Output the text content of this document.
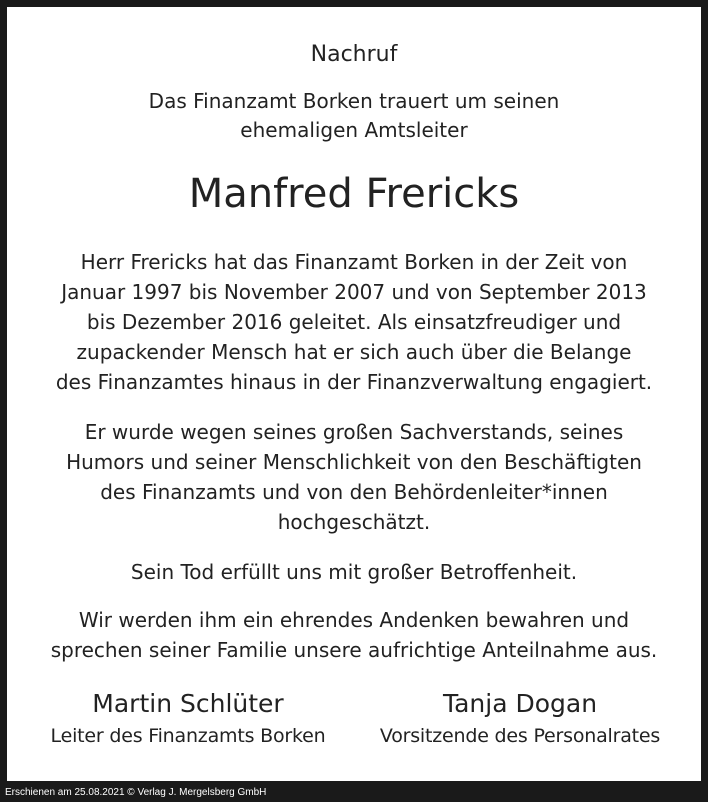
Nachruf
Das Finanzamt Borken trauert um seinen
ehemaligen Amtsleiter
Manfred Frericks
Herr Frericks hat das Finanzamt Borken in der Zeit von
Januar 1997 bis November 2007 und von September 2013
bis Dezember 2016 geleitet. Als einsatzfreudiger und
zupackender Mensch hat er sich auch über die Belange
des Finanzamtes hinaus in der Finanzverwaltung engagiert.
Er wurde wegen seines großen Sachverstands, seines
Humors und seiner Menschlichkeit von den Beschäftigten
des Finanzamts und von den Behördenleiter*innen
hochgeschätzt.
Sein Tod erfüllt uns mit großer Betroffenheit.
Wir werden ihm ein ehrendes Andenken bewahren und
sprechen seiner Familie unsere aufrichtige Anteilnahme aus.
Martin Schlüter
Leiter des Finanzamts Borken
Tanja Dogan
Vorsitzende des Personalrates
Erschienen am 25.08.2021 © Verlag J. Mergelsberg GmbH
